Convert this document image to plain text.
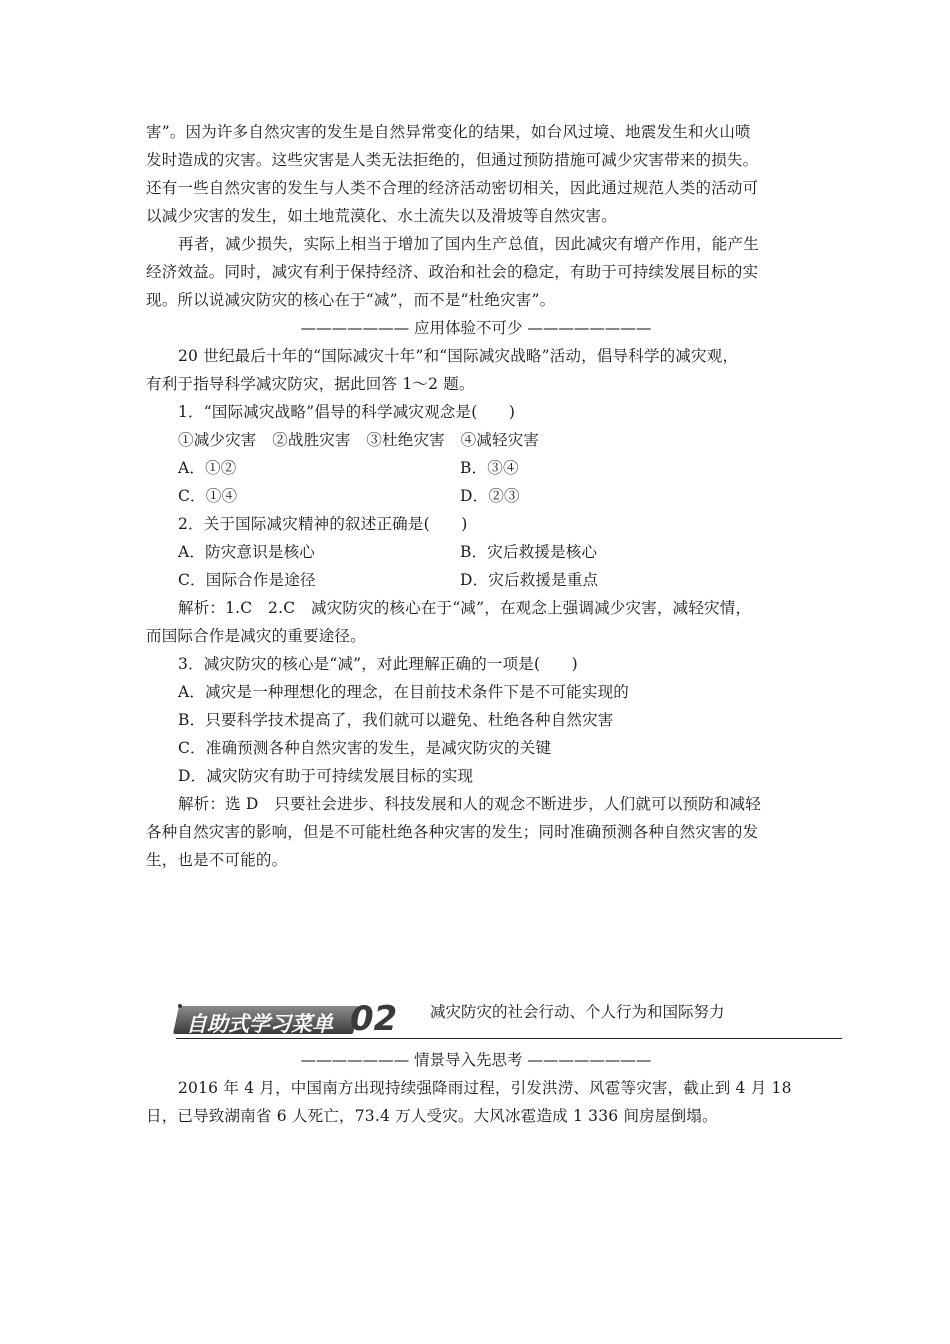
害”。因为许多自然灾害的发生是自然异常变化的结果，如台风过境、地震发生和火山喷
发时造成的灾害。这些灾害是人类无法拒绝的，但通过预防措施可减少灾害带来的损失。
还有一些自然灾害的发生与人类不合理的经济活动密切相关，因此通过规范人类的活动可
以减少灾害的发生，如土地荒漠化、水土流失以及滑坡等自然灾害。
再者，减少损失，实际上相当于增加了国内生产总值，因此减灾有增产作用，能产生
经济效益。同时，减灾有利于保持经济、政治和社会的稳定，有助于可持续发展目标的实
现。所以说减灾防灾的核心在于“减”，而不是“杜绝灾害”。
——————— 应用体验不可少 ————————
20 世纪最后十年的“国际减灾十年”和“国际减灾战略”活动，倡导科学的减灾观，
有利于指导科学减灾防灾，据此回答 1～2 题。
1．“国际减灾战略”倡导的科学减灾观念是(　　)
①减少灾害　②战胜灾害　③杜绝灾害　④减轻灾害
A．①②	B．③④
C．①④	D．②③
2．关于国际减灾精神的叙述正确是(　　)
A．防灾意识是核心	B．灾后救援是核心
C．国际合作是途径	D．灾后救援是重点
解析：1.C　2.C　减灾防灾的核心在于“减”，在观念上强调减少灾害，减轻灾情，
而国际合作是减灾的重要途径。
3．减灾防灾的核心是“减”，对此理解正确的一项是(　　)
A．减灾是一种理想化的理念，在目前技术条件下是不可能实现的
B．只要科学技术提高了，我们就可以避免、杜绝各种自然灾害
C．准确预测各种自然灾害的发生，是减灾防灾的关键
D．减灾防灾有助于可持续发展目标的实现
解析：选 D　只要社会进步、科技发展和人的观念不断进步，人们就可以预防和减轻
各种自然灾害的影响，但是不可能杜绝各种灾害的发生；同时准确预测各种自然灾害的发
生，也是不可能的。
自助式学习菜单 02 减灾防灾的社会行动、个人行为和国际努力
——————— 情景导入先思考 ————————
2016 年 4 月，中国南方出现持续强降雨过程，引发洪涝、风雹等灾害，截止到 4 月 18
日，已导致湖南省 6 人死亡，73.4 万人受灾。大风冰雹造成 1 336 间房屋倒塌。
